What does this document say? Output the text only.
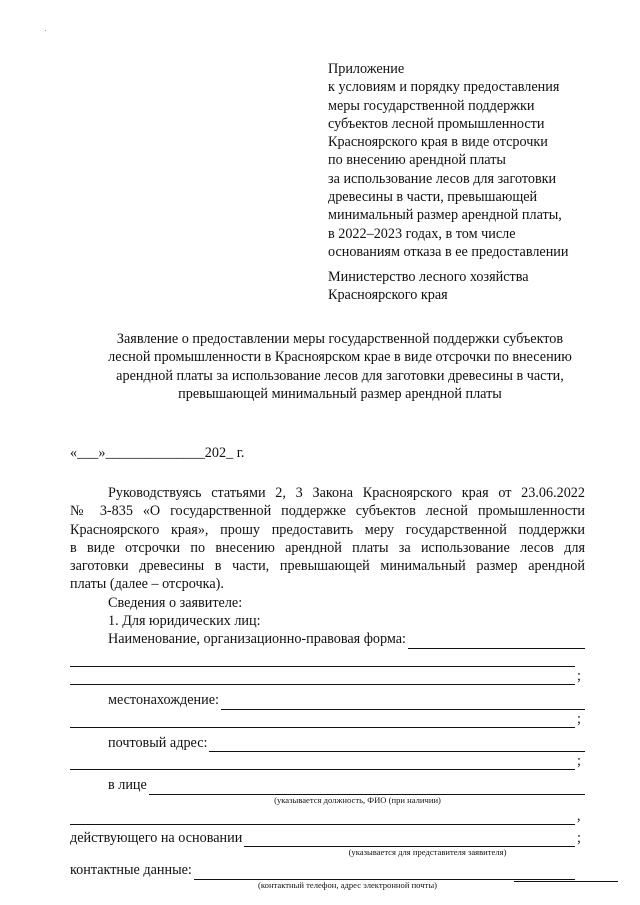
Приложение
к условиям и порядку предоставления
меры государственной поддержки
субъектов лесной промышленности
Красноярского края в виде отсрочки
по внесению арендной платы
за использование лесов для заготовки
древесины в части, превышающей
минимальный размер арендной платы,
в 2022–2023 годах, в том числе
основаниям отказа в ее предоставлении
Министерство лесного хозяйства
Красноярского края
Заявление о предоставлении меры государственной поддержки субъектов
лесной промышленности в Красноярском крае в виде отсрочки по внесению
арендной платы за использование лесов для заготовки древесины в части,
превышающей минимальный размер арендной платы
«___»______________202_ г.
Руководствуясь статьями 2, 3 Закона Красноярского края от 23.06.2022
№ 3-835 «О государственной поддержке субъектов лесной промышленности
Красноярского края», прошу предоставить меру государственной поддержки
в виде отсрочки по внесению арендной платы за использование лесов для
заготовки древесины в части, превышающей минимальный размер арендной
платы (далее – отсрочка).
Сведения о заявителе:
1. Для юридических лиц:
Наименование, организационно-правовая форма:
;
местонахождение:
;
почтовый адрес:
;
в лице
(указывается должность, ФИО (при наличии)
,
действующего на основании	;
(указывается для представителя заявителя)
контактные данные:
(контактный телефон, адрес электронной почты)
